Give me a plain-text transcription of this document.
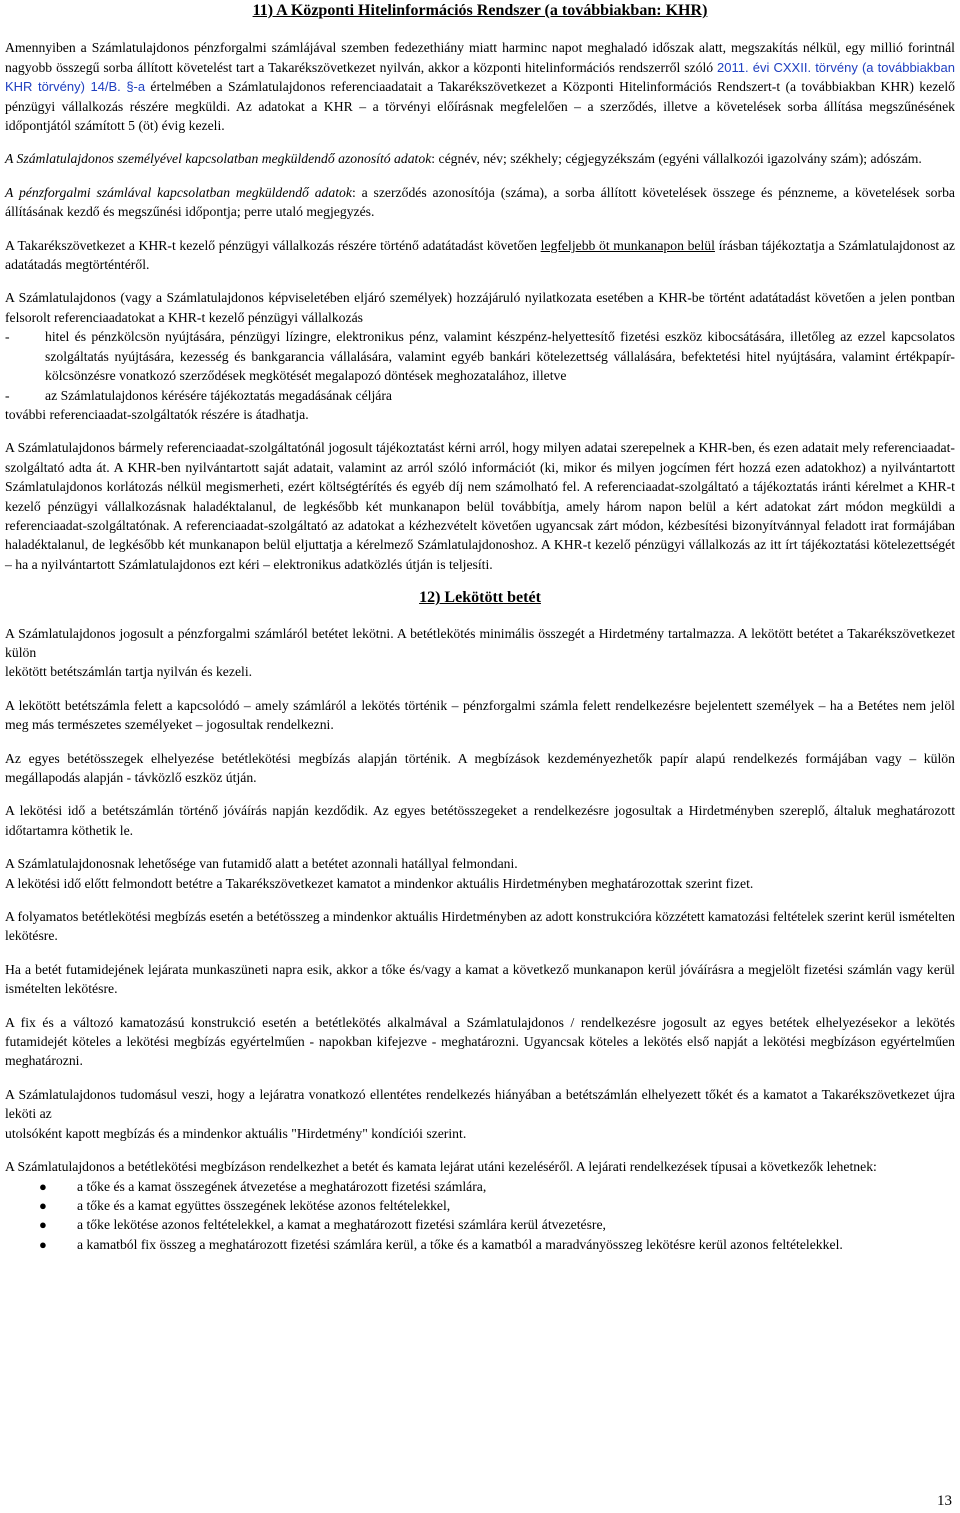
11) A Központi Hitelinformációs Rendszer (a továbbiakban: KHR)

Amennyiben a Számlatulajdonos pénzforgalmi számlájával szemben fedezethiány miatt harminc napot meghaladó időszak alatt, megszakítás nélkül, egy millió forintnál nagyobb összegű sorba állított követelést tart a Takarékszövetkezet nyilván, akkor a központi hitelinformációs rendszerről szóló 2011. évi CXXII. törvény (a továbbiakban KHR törvény) 14/B. §-a értelmében a Számlatulajdonos referenciaadatait a Takarékszövetkezet a Központi Hitelinformációs Rendszert-t (a továbbiakban KHR) kezelő pénzügyi vállalkozás részére megküldi. Az adatokat a KHR – a törvényi előírásnak megfelelően – a szerződés, illetve a követelések sorba állítása megszűnésének időpontjától számított 5 (öt) évig kezeli.

A Számlatulajdonos személyével kapcsolatban megküldendő azonosító adatok: cégnév, név; székhely; cégjegyzékszám (egyéni vállalkozói igazolvány szám); adószám.

A pénzforgalmi számlával kapcsolatban megküldendő adatok: a szerződés azonosítója (száma), a sorba állított követelések összege és pénzneme, a követelések sorba állításának kezdő és megszűnési időpontja; perre utaló megjegyzés.

A Takarékszövetkezet a KHR-t kezelő pénzügyi vállalkozás részére történő adatátadást követően legfeljebb öt munkanapon belül írásban tájékoztatja a Számlatulajdonost az adatátadás megtörténtéről.

A Számlatulajdonos (vagy a Számlatulajdonos képviseletében eljáró személyek) hozzájáruló nyilatkozata esetében a KHR-be történt adatátadást követően a jelen pontban felsorolt referenciaadatokat a KHR-t kezelő pénzügyi vállalkozás

-	hitel és pénzkölcsön nyújtására, pénzügyi lízingre, elektronikus pénz, valamint készpénz-helyettesítő fizetési eszköz kibocsátására, illetőleg az ezzel kapcsolatos szolgáltatás nyújtására, kezesség és bankgarancia vállalására, valamint egyéb bankári kötelezettség vállalására, befektetési hitel nyújtására, valamint értékpapír-kölcsönzésre vonatkozó szerződések megkötését megalapozó döntések meghozatalához, illetve
-	az Számlatulajdonos kérésére tájékoztatás megadásának céljára

további referenciaadat-szolgáltatók részére is átadhatja.

A Számlatulajdonos bármely referenciaadat-szolgáltatónál jogosult tájékoztatást kérni arról, hogy milyen adatai szerepelnek a KHR-ben, és ezen adatait mely referenciaadat-szolgáltató adta át. A KHR-ben nyilvántartott saját adatait, valamint az arról szóló információt (ki, mikor és milyen jogcímen fért hozzá ezen adatokhoz) a nyilvántartott Számlatulajdonos korlátozás nélkül megismerheti, ezért költségtérítés és egyéb díj nem számolható fel. A referenciaadat-szolgáltató a tájékoztatás iránti kérelmet a KHR-t kezelő pénzügyi vállalkozásnak haladéktalanul, de legkésőbb két munkanapon belül továbbítja, amely három napon belül a kért adatokat zárt módon megküldi a referenciaadat-szolgáltatónak. A referenciaadat-szolgáltató az adatokat a kézhezvételt követően ugyancsak zárt módon, kézbesítési bizonyítvánnyal feladott irat formájában haladéktalanul, de legkésőbb két munkanapon belül eljuttatja a kérelmező Számlatulajdonoshoz. A KHR-t kezelő pénzügyi vállalkozás az itt írt tájékoztatási kötelezettségét – ha a nyilvántartott Számlatulajdonos ezt kéri – elektronikus adatközlés útján is teljesíti.

12) Lekötött betét

A Számlatulajdonos jogosult a pénzforgalmi számláról betétet lekötni. A betétlekötés minimális összegét a Hirdetmény tartalmazza. A lekötött betétet a Takarékszövetkezet külön
lekötött betétszámlán tartja nyilván és kezeli.

A lekötött betétszámla felett a kapcsolódó – amely számláról a lekötés történik – pénzforgalmi számla felett rendelkezésre bejelentett személyek – ha a Betétes nem jelöl meg más természetes személyeket – jogosultak rendelkezni.

Az egyes betétösszegek elhelyezése betétlekötési megbízás alapján történik. A megbízások kezdeményezhetők papír alapú rendelkezés formájában vagy – külön megállapodás alapján - távközlő eszköz útján.

A lekötési idő a betétszámlán történő jóváírás napján kezdődik. Az egyes betétösszegeket a rendelkezésre jogosultak a Hirdetményben szereplő, általuk meghatározott időtartamra köthetik le.

A Számlatulajdonosnak lehetősége van futamidő alatt a betétet azonnali hatállyal felmondani.
A lekötési idő előtt felmondott betétre a Takarékszövetkezet kamatot a mindenkor aktuális Hirdetményben meghatározottak szerint fizet.

A folyamatos betétlekötési megbízás esetén a betétösszeg a mindenkor aktuális Hirdetményben az adott konstrukcióra közzétett kamatozási feltételek szerint kerül ismételten lekötésre.

Ha a betét futamidejének lejárata munkaszüneti napra esik, akkor a tőke és/vagy a kamat a következő munkanapon kerül jóváírásra a megjelölt fizetési számlán vagy kerül ismételten lekötésre.

A fix és a változó kamatozású konstrukció esetén a betétlekötés alkalmával a Számlatulajdonos / rendelkezésre jogosult az egyes betétek elhelyezésekor a lekötés futamidejét köteles a lekötési megbízás egyértelműen - napokban kifejezve - meghatározni. Ugyancsak köteles a lekötés első napját a lekötési megbízáson egyértelműen meghatározni.

A Számlatulajdonos tudomásul veszi, hogy a lejáratra vonatkozó ellentétes rendelkezés hiányában a betétszámlán elhelyezett tőkét és a kamatot a Takarékszövetkezet újra leköti az
utolsóként kapott megbízás és a mindenkor aktuális "Hirdetmény" kondíciói szerint.

A Számlatulajdonos a betétlekötési megbízáson rendelkezhet a betét és kamata lejárat utáni kezeléséről. A lejárati rendelkezések típusai a következők lehetnek:

●	a tőke és a kamat összegének átvezetése a meghatározott fizetési számlára,
●	a tőke és a kamat együttes összegének lekötése azonos feltételekkel,
●	a tőke lekötése azonos feltételekkel, a kamat a meghatározott fizetési számlára kerül átvezetésre,
●	a kamatból fix összeg a meghatározott fizetési számlára kerül, a tőke és a kamatból a maradványösszeg lekötésre kerül azonos feltételekkel.
13
